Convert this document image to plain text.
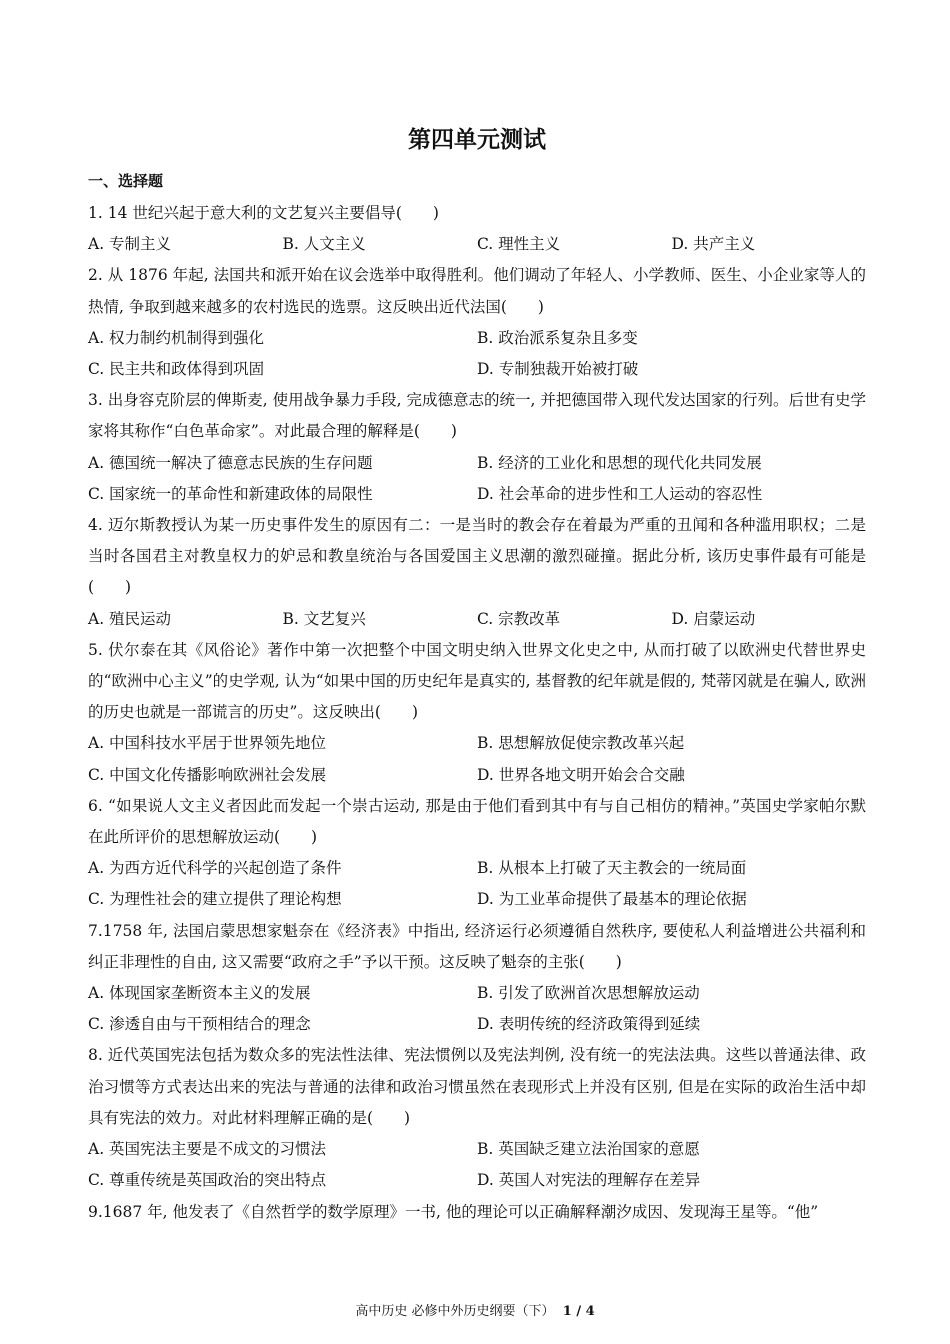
第四单元测试
一、选择题

1. 14 世纪兴起于意大利的文艺复兴主要倡导(　　)

A. 专制主义	B. 人文主义	C. 理性主义	D. 共产主义

2. 从 1876 年起, 法国共和派开始在议会选举中取得胜利。他们调动了年轻人、小学教师、医生、小企业家等人的热情, 争取到越来越多的农村选民的选票。这反映出近代法国(　　)

A. 权力制约机制得到强化	B. 政治派系复杂且多变
C. 民主共和政体得到巩固	D. 专制独裁开始被打破

3. 出身容克阶层的俾斯麦, 使用战争暴力手段, 完成德意志的统一, 并把德国带入现代发达国家的行列。后世有史学家将其称作“白色革命家”。对此最合理的解释是(　　)

A. 德国统一解决了德意志民族的生存问题	B. 经济的工业化和思想的现代化共同发展
C. 国家统一的革命性和新建政体的局限性	D. 社会革命的进步性和工人运动的容忍性

4. 迈尔斯教授认为某一历史事件发生的原因有二：一是当时的教会存在着最为严重的丑闻和各种滥用职权；二是当时各国君主对教皇权力的妒忌和教皇统治与各国爱国主义思潮的激烈碰撞。据此分析, 该历史事件最有可能是(　　)

A. 殖民运动	B. 文艺复兴	C. 宗教改革	D. 启蒙运动

5. 伏尔泰在其《风俗论》著作中第一次把整个中国文明史纳入世界文化史之中, 从而打破了以欧洲史代替世界史的“欧洲中心主义”的史学观, 认为“如果中国的历史纪年是真实的, 基督教的纪年就是假的, 梵蒂冈就是在骗人, 欧洲的历史也就是一部谎言的历史”。这反映出(　　)

A. 中国科技水平居于世界领先地位	B. 思想解放促使宗教改革兴起
C. 中国文化传播影响欧洲社会发展	D. 世界各地文明开始会合交融

6. “如果说人文主义者因此而发起一个崇古运动, 那是由于他们看到其中有与自己相仿的精神。”英国史学家帕尔默在此所评价的思想解放运动(　　)

A. 为西方近代科学的兴起创造了条件	B. 从根本上打破了天主教会的一统局面
C. 为理性社会的建立提供了理论构想	D. 为工业革命提供了最基本的理论依据

7.1758 年, 法国启蒙思想家魁奈在《经济表》中指出, 经济运行必须遵循自然秩序, 要使私人利益增进公共福利和纠正非理性的自由, 这又需要“政府之手”予以干预。这反映了魁奈的主张(　　)

A. 体现国家垄断资本主义的发展	B. 引发了欧洲首次思想解放运动
C. 渗透自由与干预相结合的理念	D. 表明传统的经济政策得到延续

8. 近代英国宪法包括为数众多的宪法性法律、宪法惯例以及宪法判例, 没有统一的宪法法典。这些以普通法律、政治习惯等方式表达出来的宪法与普通的法律和政治习惯虽然在表现形式上并没有区别, 但是在实际的政治生活中却具有宪法的效力。对此材料理解正确的是(　　)

A. 英国宪法主要是不成文的习惯法	B. 英国缺乏建立法治国家的意愿
C. 尊重传统是英国政治的突出特点	D. 英国人对宪法的理解存在差异

9.1687 年, 他发表了《自然哲学的数学原理》一书, 他的理论可以正确解释潮汐成因、发现海王星等。“他”

高中历史 必修中外历史纲要（下） 1 / 4
